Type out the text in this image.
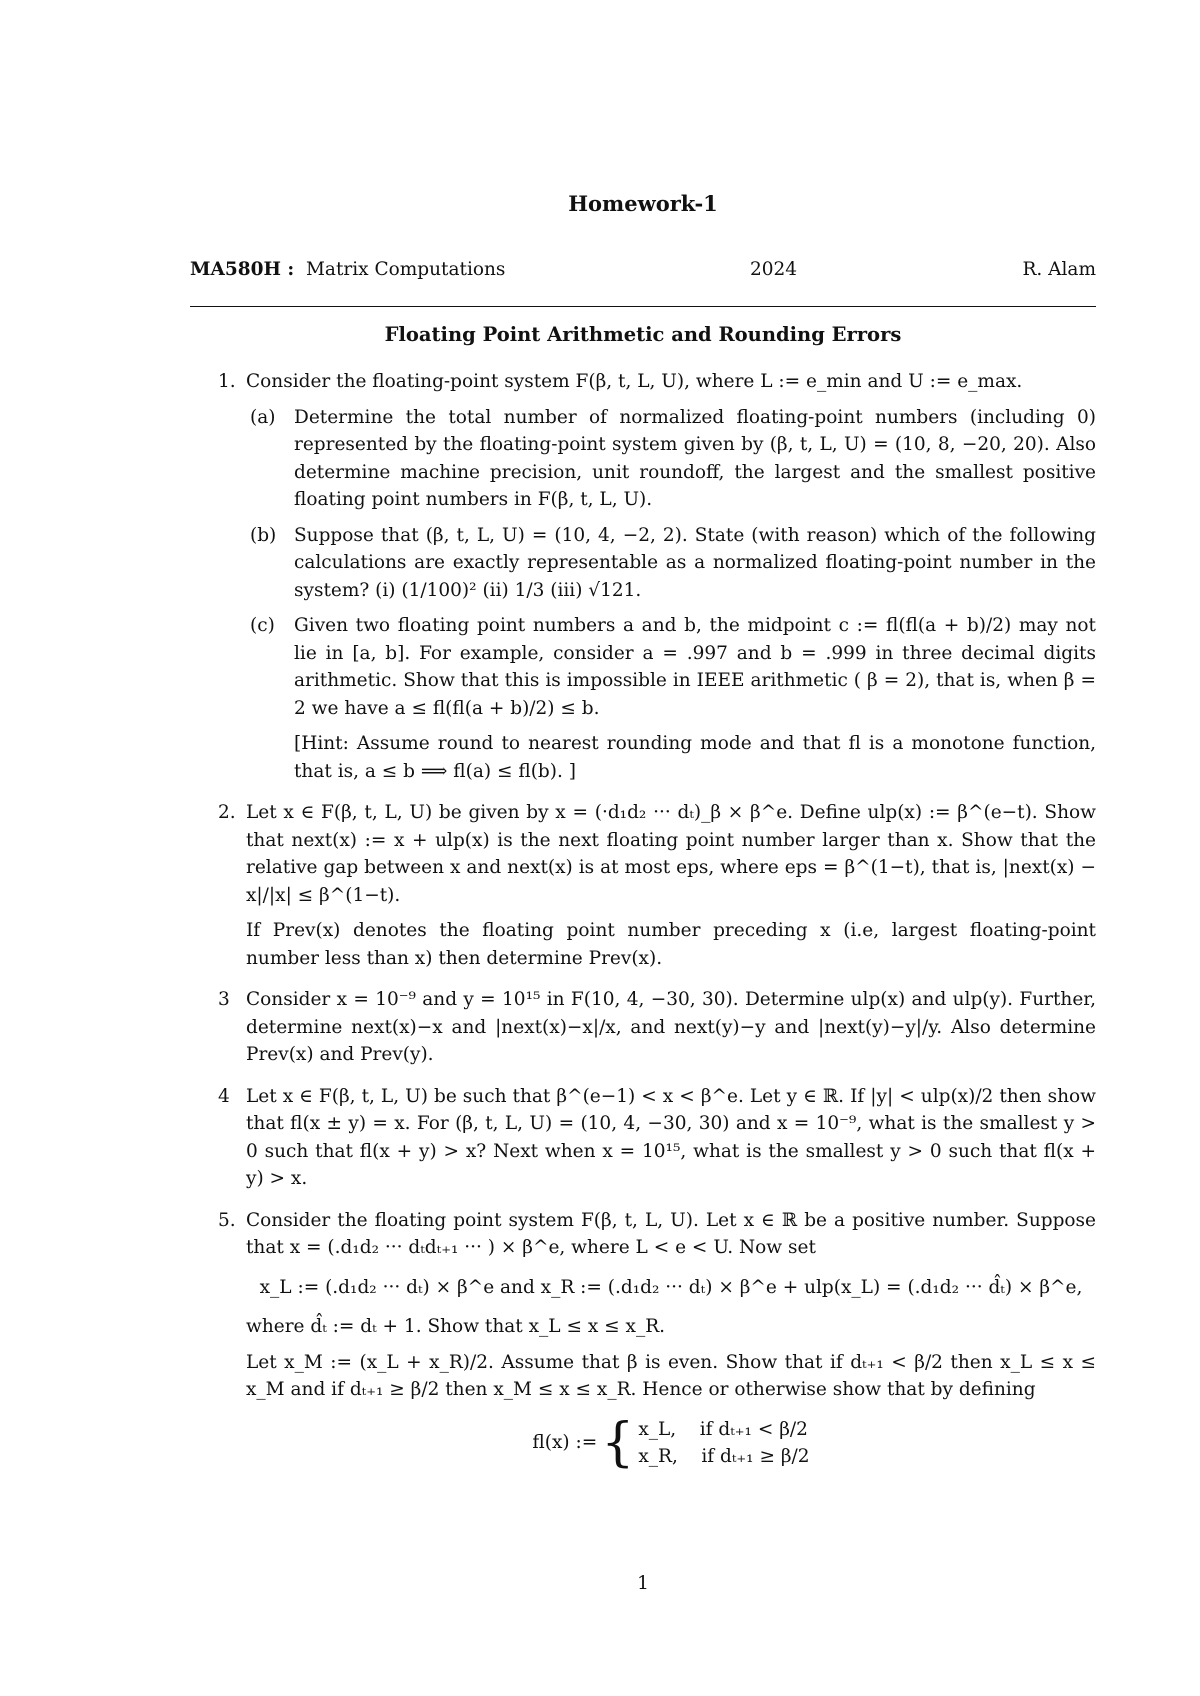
Homework-1
MA580H : Matrix Computations	2024	R. Alam
Floating Point Arithmetic and Rounding Errors
1. Consider the floating-point system F(β, t, L, U), where L := e_min and U := e_max.

(a) Determine the total number of normalized floating-point numbers (including 0) represented by the floating-point system given by (β, t, L, U) = (10, 8, −20, 20). Also determine machine precision, unit roundoff, the largest and the smallest positive floating point numbers in F(β, t, L, U).

(b) Suppose that (β, t, L, U) = (10, 4, −2, 2). State (with reason) which of the following calculations are exactly representable as a normalized floating-point number in the system? (i) (1/100)² (ii) 1/3 (iii) √121.

(c) Given two floating point numbers a and b, the midpoint c := fl(fl(a + b)/2) may not lie in [a, b]. For example, consider a = .997 and b = .999 in three decimal digits arithmetic. Show that this is impossible in IEEE arithmetic ( β = 2), that is, when β = 2 we have a ≤ fl(fl(a + b)/2) ≤ b.

[Hint: Assume round to nearest rounding mode and that fl is a monotone function, that is, a ≤ b ⟹ fl(a) ≤ fl(b). ]

2. Let x ∈ F(β, t, L, U) be given by x = (·d₁d₂ ··· dₜ)_β × β^e. Define ulp(x) := β^(e−t). Show that next(x) := x + ulp(x) is the next floating point number larger than x. Show that the relative gap between x and next(x) is at most eps, where eps = β^(1−t), that is, |next(x) − x|/|x| ≤ β^(1−t).

If Prev(x) denotes the floating point number preceding x (i.e, largest floating-point number less than x) then determine Prev(x).

3 Consider x = 10⁻⁹ and y = 10¹⁵ in F(10, 4, −30, 30). Determine ulp(x) and ulp(y). Further, determine next(x)−x and |next(x)−x|/x, and next(y)−y and |next(y)−y|/y. Also determine Prev(x) and Prev(y).

4 Let x ∈ F(β, t, L, U) be such that β^(e−1) < x < β^e. Let y ∈ ℝ. If |y| < ulp(x)/2 then show that fl(x ± y) = x. For (β, t, L, U) = (10, 4, −30, 30) and x = 10⁻⁹, what is the smallest y > 0 such that fl(x + y) > x? Next when x = 10¹⁵, what is the smallest y > 0 such that fl(x + y) > x.

5. Consider the floating point system F(β, t, L, U). Let x ∈ ℝ be a positive number. Suppose that x = (.d₁d₂ ··· dₜdₜ₊₁ ··· ) × β^e, where L < e < U. Now set

x_L := (.d₁d₂ ··· dₜ) × β^e and x_R := (.d₁d₂ ··· dₜ) × β^e + ulp(x_L) = (.d₁d₂ ··· d̂ₜ) × β^e,

where d̂ₜ := dₜ + 1. Show that x_L ≤ x ≤ x_R.

Let x_M := (x_L + x_R)/2. Assume that β is even. Show that if dₜ₊₁ < β/2 then x_L ≤ x ≤ x_M and if dₜ₊₁ ≥ β/2 then x_M ≤ x ≤ x_R. Hence or otherwise show that by defining

fl(x) :={ x_L,    if dₜ₊₁ < β/2
x_R,    if dₜ₊₁ ≥ β/2
1
